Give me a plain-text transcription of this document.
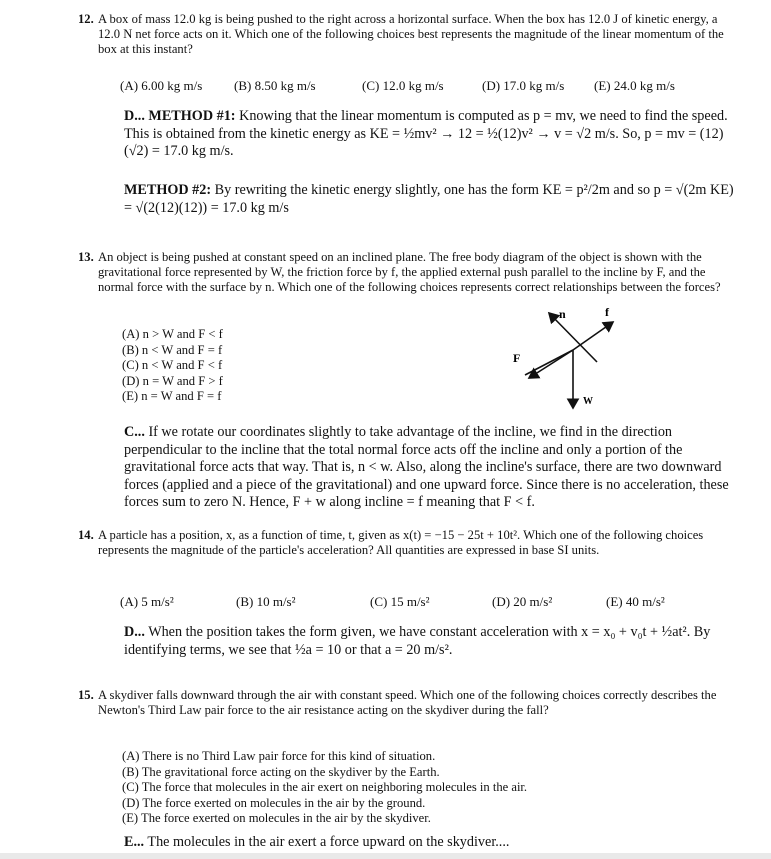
12. A box of mass 12.0 kg is being pushed to the right across a horizontal surface. When the box has 12.0 J of kinetic energy, a 12.0 N net force acts on it. Which one of the following choices best represents the magnitude of the linear momentum of the box at this instant?
(A) 6.00 kg m/s (B) 8.50 kg m/s	(C) 12.0 kg m/s	(D) 17.0 kg m/s (E) 24.0 kg m/s
D... METHOD #1: Knowing that the linear momentum is computed as p = mv, we need to find the speed. This is obtained from the kinetic energy as KE = ½mv² → 12 = ½(12)v² → v = √2 m/s. So, p = mv = (12)(√2) = 17.0 kg m/s.
METHOD #2: By rewriting the kinetic energy slightly, one has the form KE = p²/2m and so p = √(2m KE) = √(2(12)(12)) = 17.0 kg m/s
13. An object is being pushed at constant speed on an inclined plane. The free body diagram of the object is shown with the gravitational force represented by W, the friction force by f, the applied external push parallel to the incline by F, and the normal force with the surface by n. Which one of the following choices represents correct relationships between the forces?
(A) n > W and F < f
(B) n < W and F = f
(C) n < W and F < f
(D) n = W and F > f
(E) n = W and F = f
n	f
F
W
C... If we rotate our coordinates slightly to take advantage of the incline, we find in the direction perpendicular to the incline that the total normal force acts off the incline and only a portion of the gravitational force acts that way. That is, n < w. Also, along the incline's surface, there are two downward forces (applied and a piece of the gravitational) and one upward force. Since there is no acceleration, these forces sum to zero N. Hence, F + w along incline = f meaning that F < f.
14. A particle has a position, x, as a function of time, t, given as x(t) = −15 − 25t + 10t². Which one of the following choices represents the magnitude of the particle's acceleration? All quantities are expressed in base SI units.
(A) 5 m/s²	(B) 10 m/s²	(C) 15 m/s²	(D) 20 m/s²	(E) 40 m/s²
D... When the position takes the form given, we have constant acceleration with x = x₀ + v₀t + ½at². By identifying terms, we see that ½a = 10 or that a = 20 m/s².
15. A skydiver falls downward through the air with constant speed. Which one of the following choices correctly describes the Newton's Third Law pair force to the air resistance acting on the skydiver during the fall?
(A) There is no Third Law pair force for this kind of situation.
(B) The gravitational force acting on the skydiver by the Earth.
(C) The force that molecules in the air exert on neighboring molecules in the air.
(D) The force exerted on molecules in the air by the ground.
(E) The force exerted on molecules in the air by the skydiver.
E... The molecules in the air exert a force upward on the skydiver....
